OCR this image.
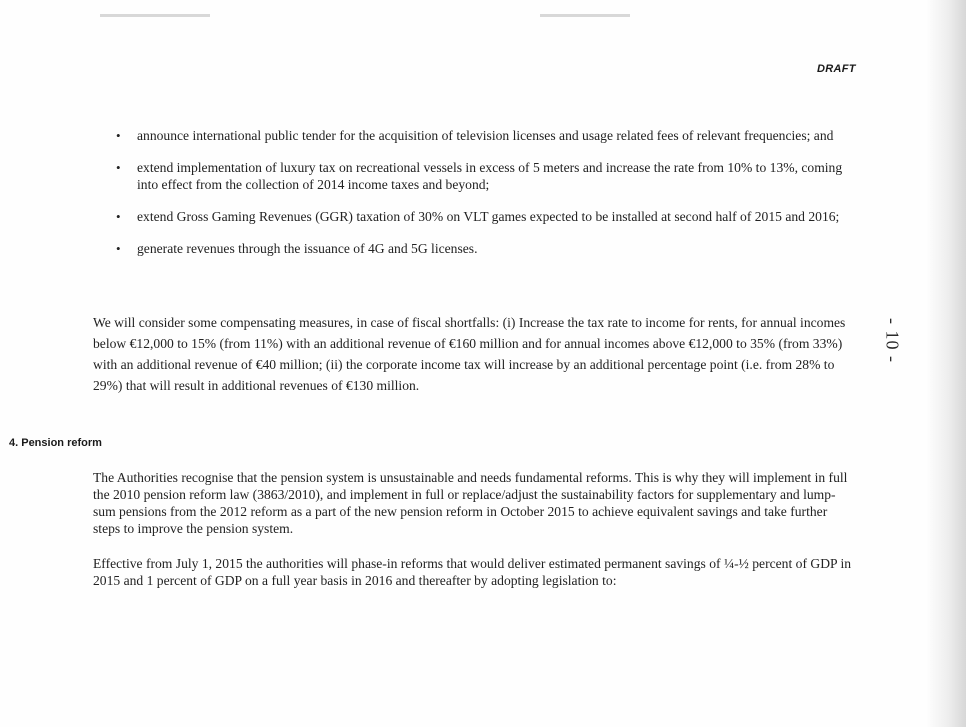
DRAFT
• announce international public tender for the acquisition of television licenses and usage related fees of relevant frequencies; and
• extend implementation of luxury tax on recreational vessels in excess of 5 meters and increase the rate from 10% to 13%, coming into effect from the collection of 2014 income taxes and beyond;
• extend Gross Gaming Revenues (GGR) taxation of 30% on VLT games expected to be installed at second half of 2015 and 2016;
• generate revenues through the issuance of 4G and 5G licenses.

We will consider some compensating measures, in case of fiscal shortfalls: (i) Increase the tax rate to income for rents, for annual incomes below €12,000 to 15% (from 11%) with an additional revenue of €160 million and for annual incomes above €12,000 to 35% (from 33%) with an additional revenue of €40 million; (ii) the corporate income tax will increase by an additional percentage point (i.e. from 28% to 29%) that will result in additional revenues of €130 million.

- 10 -
4. Pension reform

The Authorities recognise that the pension system is unsustainable and needs fundamental reforms. This is why they will implement in full the 2010 pension reform law (3863/2010), and implement in full or replace/adjust the sustainability factors for supplementary and lump-sum pensions from the 2012 reform as a part of the new pension reform in October 2015 to achieve equivalent savings and take further steps to improve the pension system.

Effective from July 1, 2015 the authorities will phase-in reforms that would deliver estimated permanent savings of ¼-½ percent of GDP in 2015 and 1 percent of GDP on a full year basis in 2016 and thereafter by adopting legislation to:
